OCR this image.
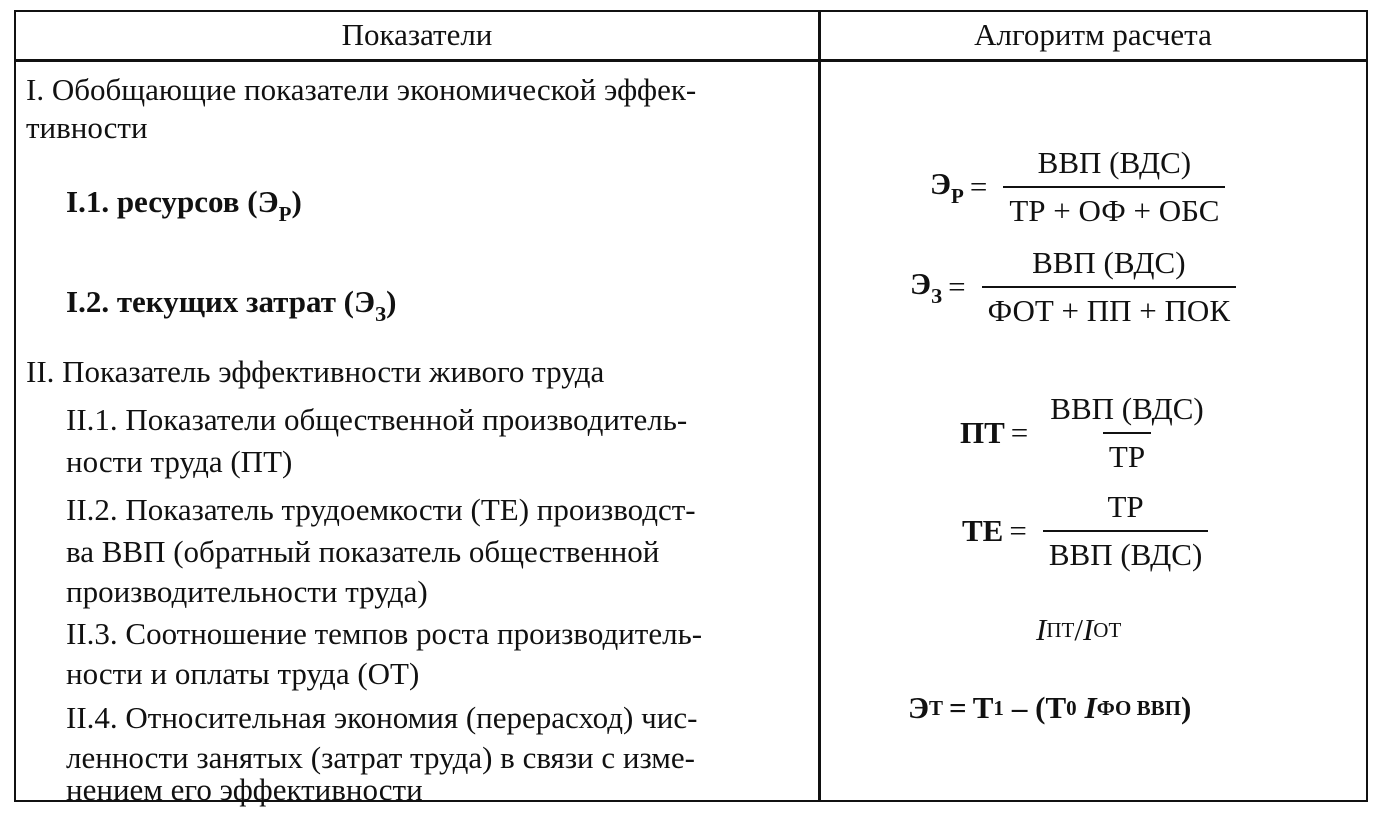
Показатели	Алгоритм расчета
I. Обобщающие показатели экономической эффек-
тивности
I.1. ресурсов $(Э_Р)$
I.2. текущих затрат $(Э_З)$
II. Показатель эффективности живого труда
II.1. Показатели общественной производитель-
ности труда (ПТ)
II.2. Показатель трудоемкости (ТЕ) производст-
ва ВВП (обратный показатель общественной
производительности труда)
II.3. Соотношение темпов роста производитель-
ности и оплаты труда (ОТ)
II.4. Относительная экономия (перерасход) чис-
ленности занятых (затрат труда) в связи с изме-
нением его эффективности
$Э_Р = \frac{\text{ВВП (ВДС)}}{\text{ТР + ОФ + ОБС}}$
$Э_З = \frac{\text{ВВП (ВДС)}}{\text{ФОТ + ПП + ПОК}}$
ПТ = $\frac{\text{ВВП (ВДС)}}{ТР}$
ТЕ = $\frac{ТР}{\text{ВВП (ВДС)}}$
I ПТ / I ОТ
Э Т = Т 1 – (Т 0 I ФО ВВП )
